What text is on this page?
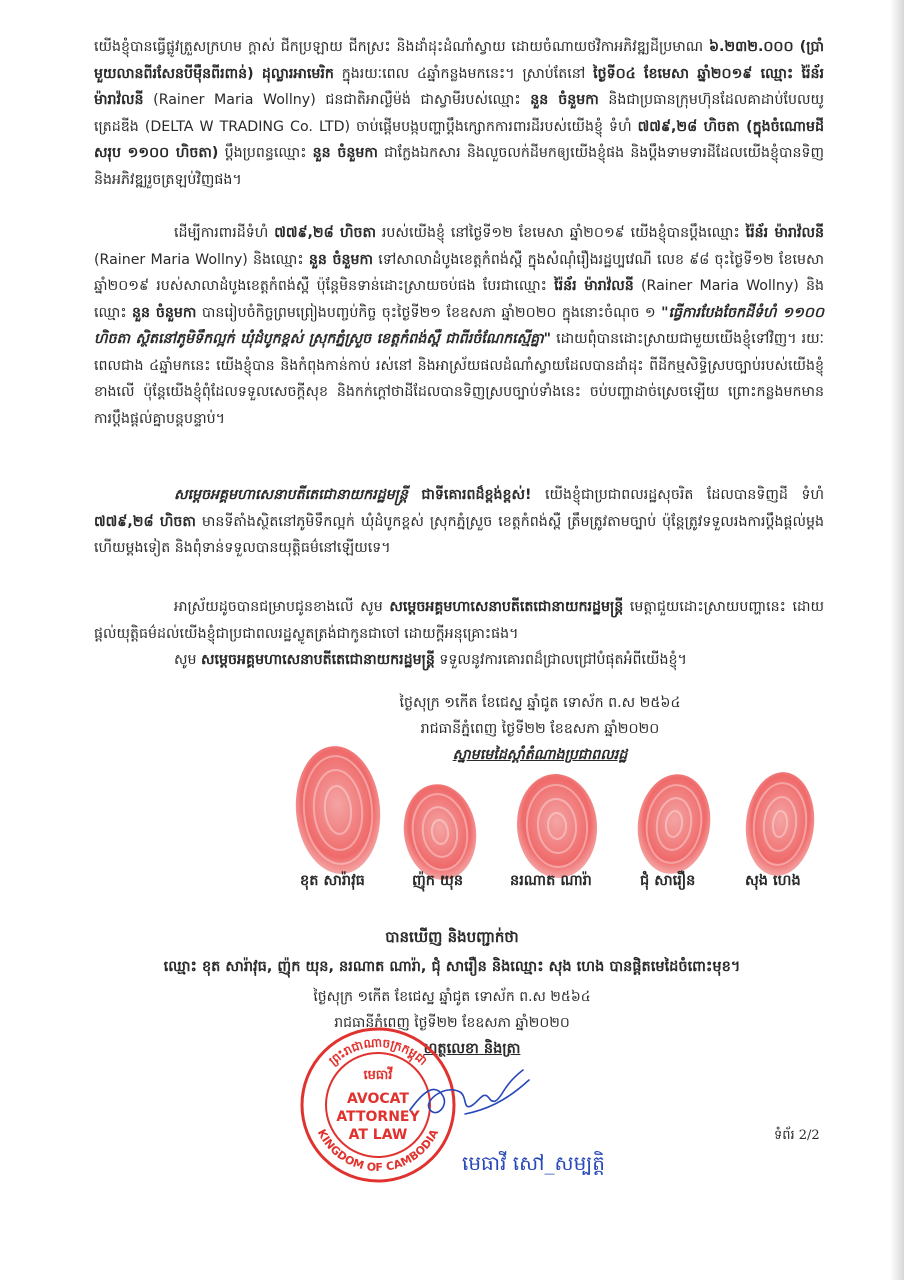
យើងខ្ញុំបានធ្វើផ្លូវត្រួសក្រហម ក្ដាស់ ជីកប្រឡាយ ជីកស្រះ និងដាំដុះដំណាំស្វាយ ដោយចំណាយថវិកាអភិវឌ្ឍដីប្រមាណ ៦.២៣២.០០០ (ប្រាំមួយលានពីរសែនបីម៉ឺនពីរពាន់) ដុល្លារអាមេរិក ក្នុងរយៈពេល ៤ឆ្នាំកន្លងមកនេះ។ ស្រាប់តែនៅ ថ្ងៃទី០៤ ខែមេសា ឆ្នាំ២០១៩ ឈ្មោះ រ៉ៃន័រ ម៉ារាវ៉លនី (Rainer Maria Wollny) ជនជាតិអាល្លឺម៉ង់ ជាស្វាមីរបស់ឈ្មោះ នួន ចំនួមកា និងជាប្រធានក្រុមហ៊ុនដែលគាដាប់បែលយូ ត្រេដឌីង (DELTA W TRADING Co. LTD) ចាប់ផ្ដើមបង្កបញ្ហាប្ដឹងក្សោកការពារដីរបស់យើងខ្ញុំ ទំហំ ៧៧៩,២៨ ហិចតា (ក្នុងចំណោមដីសរុប ១១០០ ហិចតា) ប្ដឹងប្រពន្ធឈ្មោះ នួន ចំនួមកា ជាក្លែងឯកសារ និងលួចលក់ដីមកឲ្យយើងខ្ញុំផង និងប្ដឹងទាមទារដីដែលយើងខ្ញុំបានទិញ និងអភិវឌ្ឍរួចត្រឡប់វិញផង។

ដើម្បីការពារដីទំហំ ៧៧៩,២៨ ហិចតា របស់យើងខ្ញុំ នៅថ្ងៃទី១២ ខែមេសា ឆ្នាំ២០១៩ យើងខ្ញុំបានប្ដឹងឈ្មោះ រ៉ៃន័រ ម៉ារាវ៉លនី (Rainer Maria Wollny) និងឈ្មោះ នួន ចំនួមកា ទៅសាលាដំបូងខេត្តកំពង់ស្ពឺ ក្នុងសំណុំរឿងរដ្ឋប្បវេណី លេខ ៩៨ ចុះថ្ងៃទី១២ ខែមេសា ឆ្នាំ២០១៩ របស់សាលាដំបូងខេត្តកំពង់ស្ពឺ ប៉ុន្តែមិនទាន់ដោះស្រាយចប់ផង បែរជាឈ្មោះ រ៉ៃន័រ ម៉ារាវ៉លនី (Rainer Maria Wollny) និងឈ្មោះ នួន ចំនួមកា បានរៀបចំកិច្ចព្រមព្រៀងបញ្ចប់កិច្ច ចុះថ្ងៃទី២១ ខែឧសភា ឆ្នាំ២០២០ ក្នុងនោះចំណុច ១ "ធ្វើការបែងចែកដីទំហំ ១១០០ ហិចតា ស្ថិតនៅភូមិទឹកល្អក់ ឃុំដំបូកខ្ពស់ ស្រុកភ្នំស្រួច ខេត្តកំពង់ស្ពឺ ជាពីរចំណែកស្មើគ្នា" ដោយពុំបានដោះស្រាយជាមួយយើងខ្ញុំទៅវិញ។ រយៈពេលជាង ៤ឆ្នាំមកនេះ យើងខ្ញុំបាន និងកំពុងកាន់កាប់ រស់នៅ និងអាស្រ័យផលដំណាំស្វាយដែលបានដាំដុះ ពីដីកម្មសិទ្ធិស្របច្បាប់របស់យើងខ្ញុំខាងលើ ប៉ុន្តែយើងខ្ញុំពុំដែលទទួលសេចក្ដីសុខ និងកក់ក្ដៅថាដីដែលបានទិញស្របច្បាប់ទាំងនេះ ចប់បញ្ហាដាច់ស្រេចឡើយ ព្រោះកន្លងមកមានការប្ដឹងផ្ដល់គ្នាបន្តបន្ទាប់។

សម្ដេចអគ្គមហាសេនាបតីតេជោនាយករដ្ឋមន្ត្រី ជាទីគោរពដ៏ខ្ពង់ខ្ពស់! យើងខ្ញុំជាប្រជាពលរដ្ឋសុចរិត ដែលបានទិញដី ទំហំ ៧៧៩,២៨ ហិចតា មានទីតាំងស្ថិតនៅភូមិទឹកល្អក់ ឃុំដំបូកខ្ពស់ ស្រុកភ្នំស្រួច ខេត្តកំពង់ស្ពឺ ត្រឹមត្រូវតាមច្បាប់ ប៉ុន្តែត្រូវទទួលរងការប្ដឹងផ្ដល់ម្ដងហើយម្ដងទៀត និងពុំទាន់ទទួលបានយុត្តិធម៌នៅឡើយទេ។

អាស្រ័យដូចបានជម្រាបជូនខាងលើ សូម សម្ដេចអគ្គមហាសេនាបតីតេជោនាយករដ្ឋមន្ត្រី មេត្តាជួយដោះស្រាយបញ្ហានេះ ដោយផ្ដល់យុត្តិធម៌ដល់យើងខ្ញុំជាប្រជាពលរដ្ឋស្លូតត្រង់ជាកូនជាចៅ ដោយក្ដីអនុគ្រោះផង។

សូម សម្ដេចអគ្គមហាសេនាបតីតេជោនាយករដ្ឋមន្ត្រី ទទួលនូវការគោរពដ៏ជ្រាលជ្រៅបំផុតអំពីយើងខ្ញុំ។

ថ្ងៃសុក្រ ១កើត ខែជេស្ឋ ឆ្នាំជូត ទោស័ក ព.ស ២៥៦៤

រាជធានីភ្នំពេញ ថ្ងៃទី២២ ខែឧសភា ឆ្នាំ២០២០

ស្នាមមេដៃស្ដាំតំណាងប្រជាពលរដ្ឋ

ខុត សារ៉ាវុធ	ញ៉ុក យុន	នរណាត ណារ៉ា	ជុំ សារឿន	សុង ហេង
បានឃើញ និងបញ្ជាក់ថា
ឈ្មោះ ខុត សារ៉ាវុធ, ញ៉ុក យុន, នរណាត ណារ៉ា, ជុំ សារឿន និងឈ្មោះ សុង ហេង បានផ្ដិតមេដៃចំពោះមុខ។
ថ្ងៃសុក្រ ១កើត ខែជេស្ឋ ឆ្នាំជូត ទោស័ក ព.ស ២៥៦៤
រាជធានីភ្នំពេញ ថ្ងៃទី២២ ខែឧសភា ឆ្នាំ២០២០
ហត្ថលេខា និងត្រា
ព្រះរាជាណាចក្រកម្ពុជា
KINGDOM OF CAMBODIA
មេធាវី
AVOCAT
ATTORNEY
AT LAW	ទំព័រ 2/2
មេធាវី សៅ_សម្បត្តិ
